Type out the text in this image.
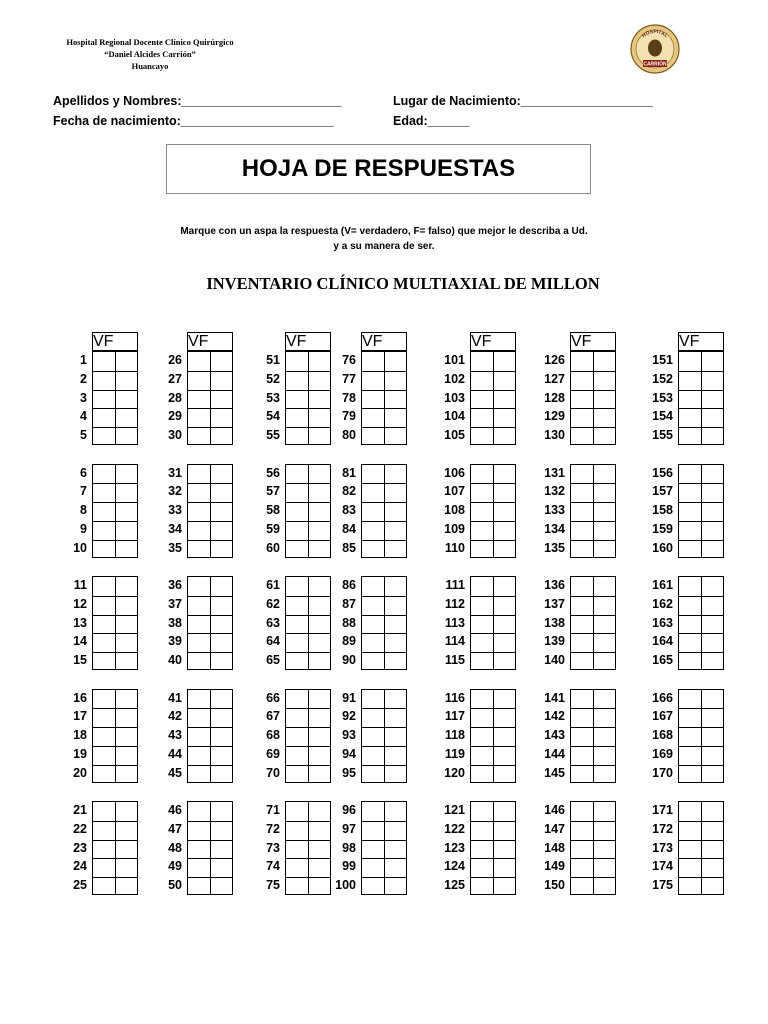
Hospital Regional Docente Clínico Quirúrgico
“Daniel Alcides Carrión”
Huancayo
HOSPITAL
CARRIÓN
Apellidos y Nombres:_______________________
Fecha de nacimiento:______________________
Lugar de Nacimiento:___________________
Edad:______
HOJA DE RESPUESTAS
Marque con un aspa la respuesta (V= verdadero, F= falso) que mejor le describa a Ud.
y a su manera de ser.
INVENTARIO CLÍNICO MULTIAXIAL DE MILLON
V F
1
2
3
4
5
6
7
8
9
10
11
12
13
14
15
16
17
18
19
20
21
22
23
24
25
V F
26
27
28
29
30
31
32
33
34
35
36
37
38
39
40
41
42
43
44
45
46
47
48
49
50
V F
51
52
53
54
55
56
57
58
59
60
61
62
63
64
65
66
67
68
69
70
71
72
73
74
75
V F
76
77
78
79
80
81
82
83
84
85
86
87
88
89
90
91
92
93
94
95
96
97
98
99
100
V F
101
102
103
104
105
106
107
108
109
110
111
112
113
114
115
116
117
118
119
120
121
122
123
124
125
V F
126
127
128
129
130
131
132
133
134
135
136
137
138
139
140
141
142
143
144
145
146
147
148
149
150
V F
151
152
153
154
155
156
157
158
159
160
161
162
163
164
165
166
167
168
169
170
171
172
173
174
175
